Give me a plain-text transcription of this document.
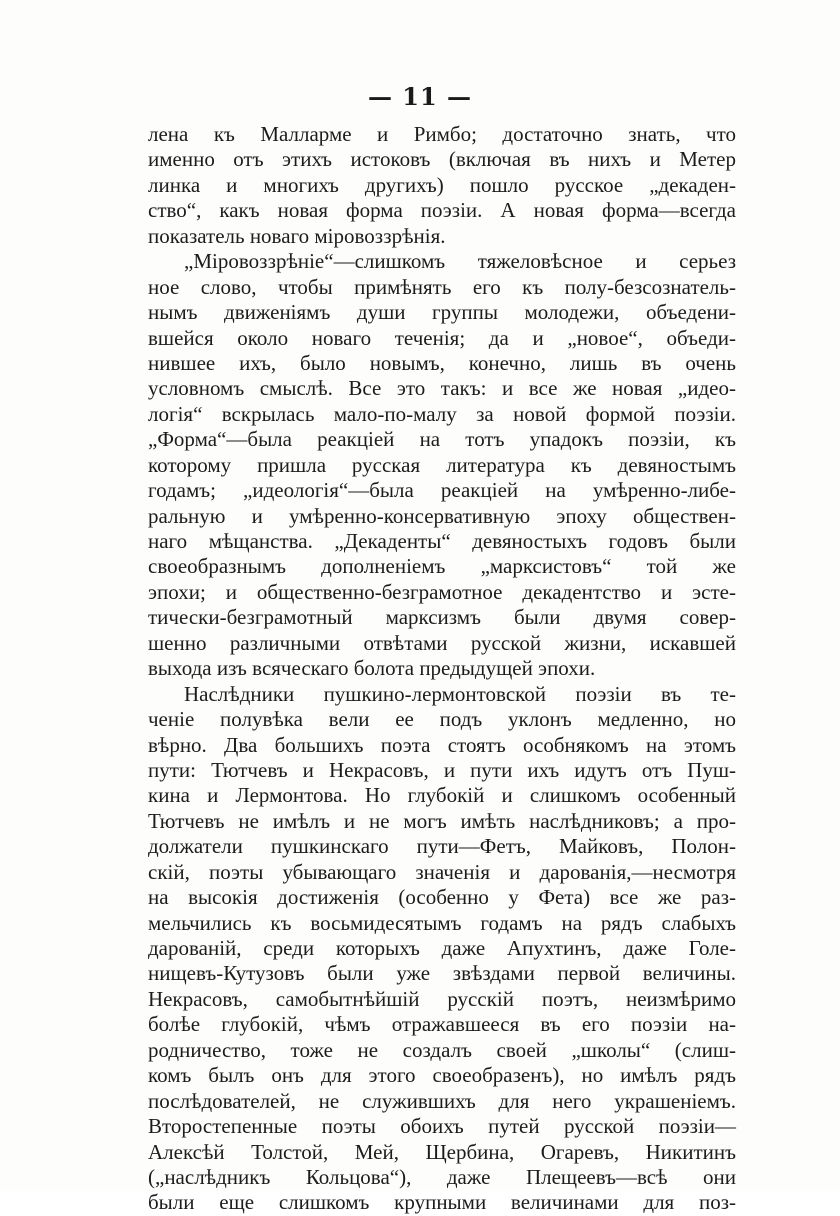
— 11 —
лена къ Малларме и Римбо; достаточно знать, что
именно отъ этихъ истоковъ (включая въ нихъ и Метер
линка и многихъ другихъ) пошло русское „декаден-
ство“, какъ новая форма поэзіи. А новая форма—всегда
показатель новаго міровоззрѣнія.
„Міровоззрѣніе“—слишкомъ тяжеловѣсное и серьез
ное слово, чтобы примѣнять его къ полу-безсознатель-
нымъ движеніямъ души группы молодежи, объедени-
вшейся около новаго теченія; да и „новое“, объеди-
нившее ихъ, было новымъ, конечно, лишь въ очень
условномъ смыслѣ. Все это такъ: и все же новая „идео-
логія“ вскрылась мало-по-малу за новой формой поэзіи.
„Форма“—была реакціей на тотъ упадокъ поэзіи, къ
которому пришла русская литература къ девяностымъ
годамъ; „идеологія“—была реакціей на умѣренно-либе-
ральную и умѣренно-консервативную эпоху обществен-
наго мѣщанства. „Декаденты“ девяностыхъ годовъ были
своеобразнымъ дополненіемъ „марксистовъ“ той же
эпохи; и общественно-безграмотное декадентство и эсте-
тически-безграмотный марксизмъ были двумя совер-
шенно различными отвѣтами русской жизни, искавшей
выхода изъ всяческаго болота предыдущей эпохи.
Наслѣдники пушкино-лермонтовской поэзіи въ те-
ченіе полувѣка вели ее подъ уклонъ медленно, но
вѣрно. Два большихъ поэта стоятъ особнякомъ на этомъ
пути: Тютчевъ и Некрасовъ, и пути ихъ идутъ отъ Пуш-
кина и Лермонтова. Но глубокій и слишкомъ особенный
Тютчевъ не имѣлъ и не могъ имѣть наслѣдниковъ; а про-
должатели пушкинскаго пути—Фетъ, Майковъ, Полон-
скій, поэты убывающаго значенія и дарованія,—несмотря
на высокія достиженія (особенно у Фета) все же раз-
мельчились къ восьмидесятымъ годамъ на рядъ слабыхъ
дарованій, среди которыхъ даже Апухтинъ, даже Голе-
нищевъ-Кутузовъ были уже звѣздами первой величины.
Некрасовъ, самобытнѣйшій русскій поэтъ, неизмѣримо
болѣе глубокій, чѣмъ отражавшееся въ его поэзіи на-
родничество, тоже не создалъ своей „школы“ (слиш-
комъ былъ онъ для этого своеобразенъ), но имѣлъ рядъ
послѣдователей, не служившихъ для него украшеніемъ.
Второстепенные поэты обоихъ путей русской поэзіи—
Алексѣй Толстой, Мей, Щербина, Огаревъ, Никитинъ
(„наслѣдникъ Кольцова“), даже Плещеевъ—всѣ они
были еще слишкомъ крупными величинами для поз-
